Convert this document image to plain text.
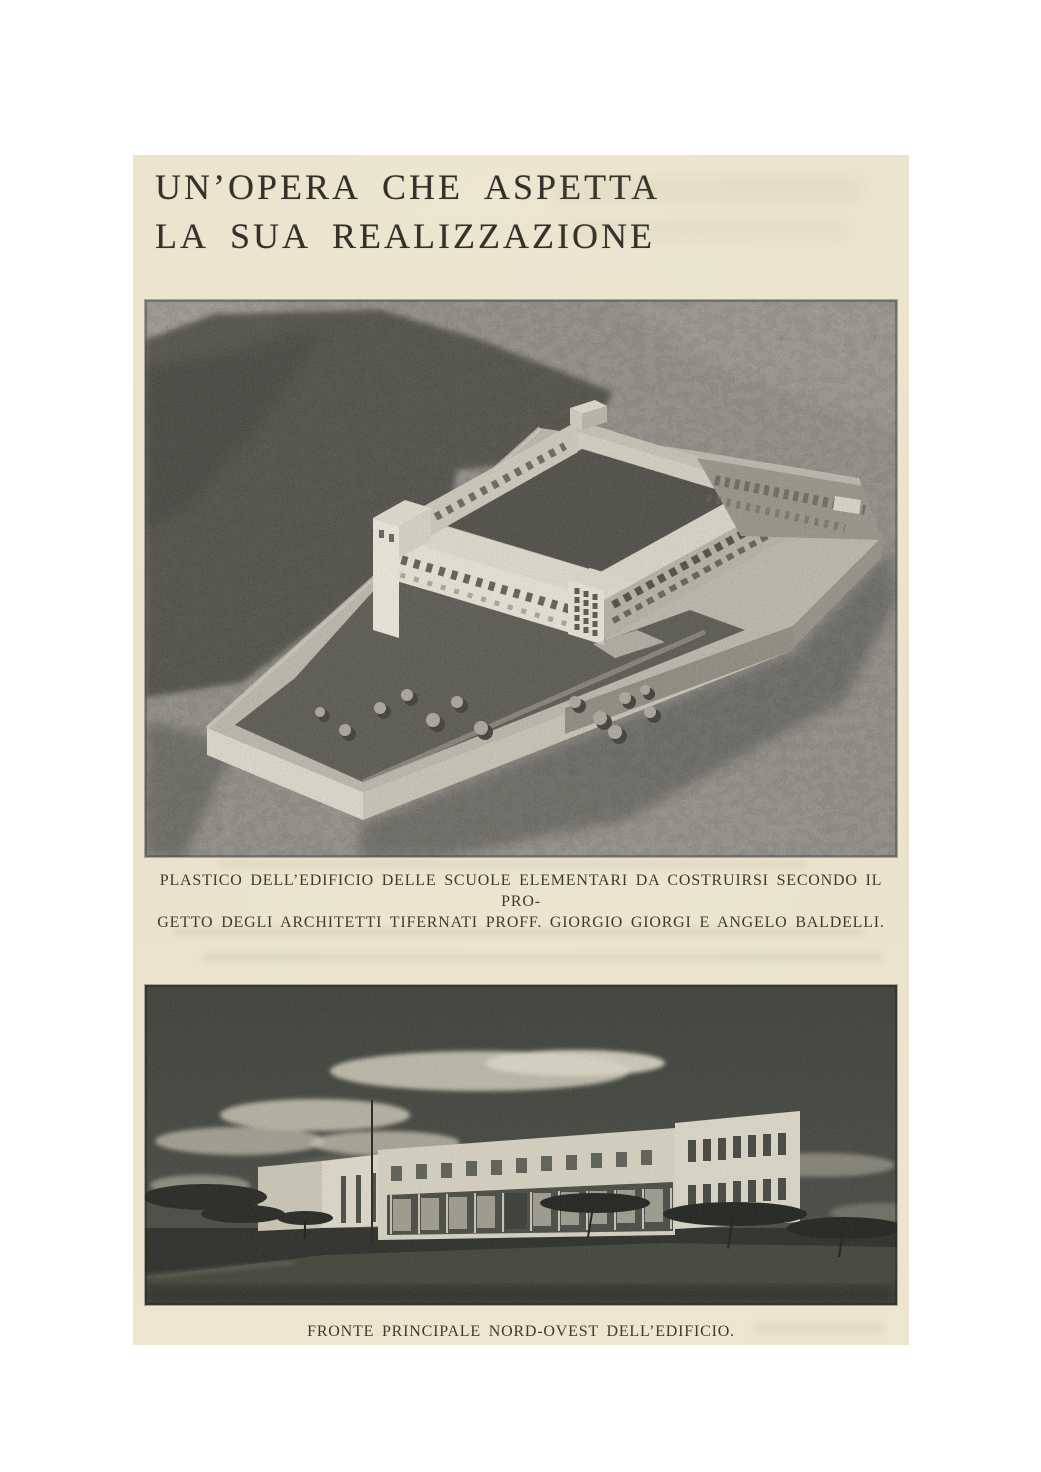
UN’OPERA CHE ASPETTA
LA SUA REALIZZAZIONE

PLASTICO DELL’EDIFICIO DELLE SCUOLE ELEMENTARI DA COSTRUIRSI SECONDO IL PRO-
GETTO DEGLI ARCHITETTI TIFERNATI PROFF. GIORGIO GIORGI E ANGELO BALDELLI.

FRONTE PRINCIPALE NORD-OVEST DELL’EDIFICIO.
